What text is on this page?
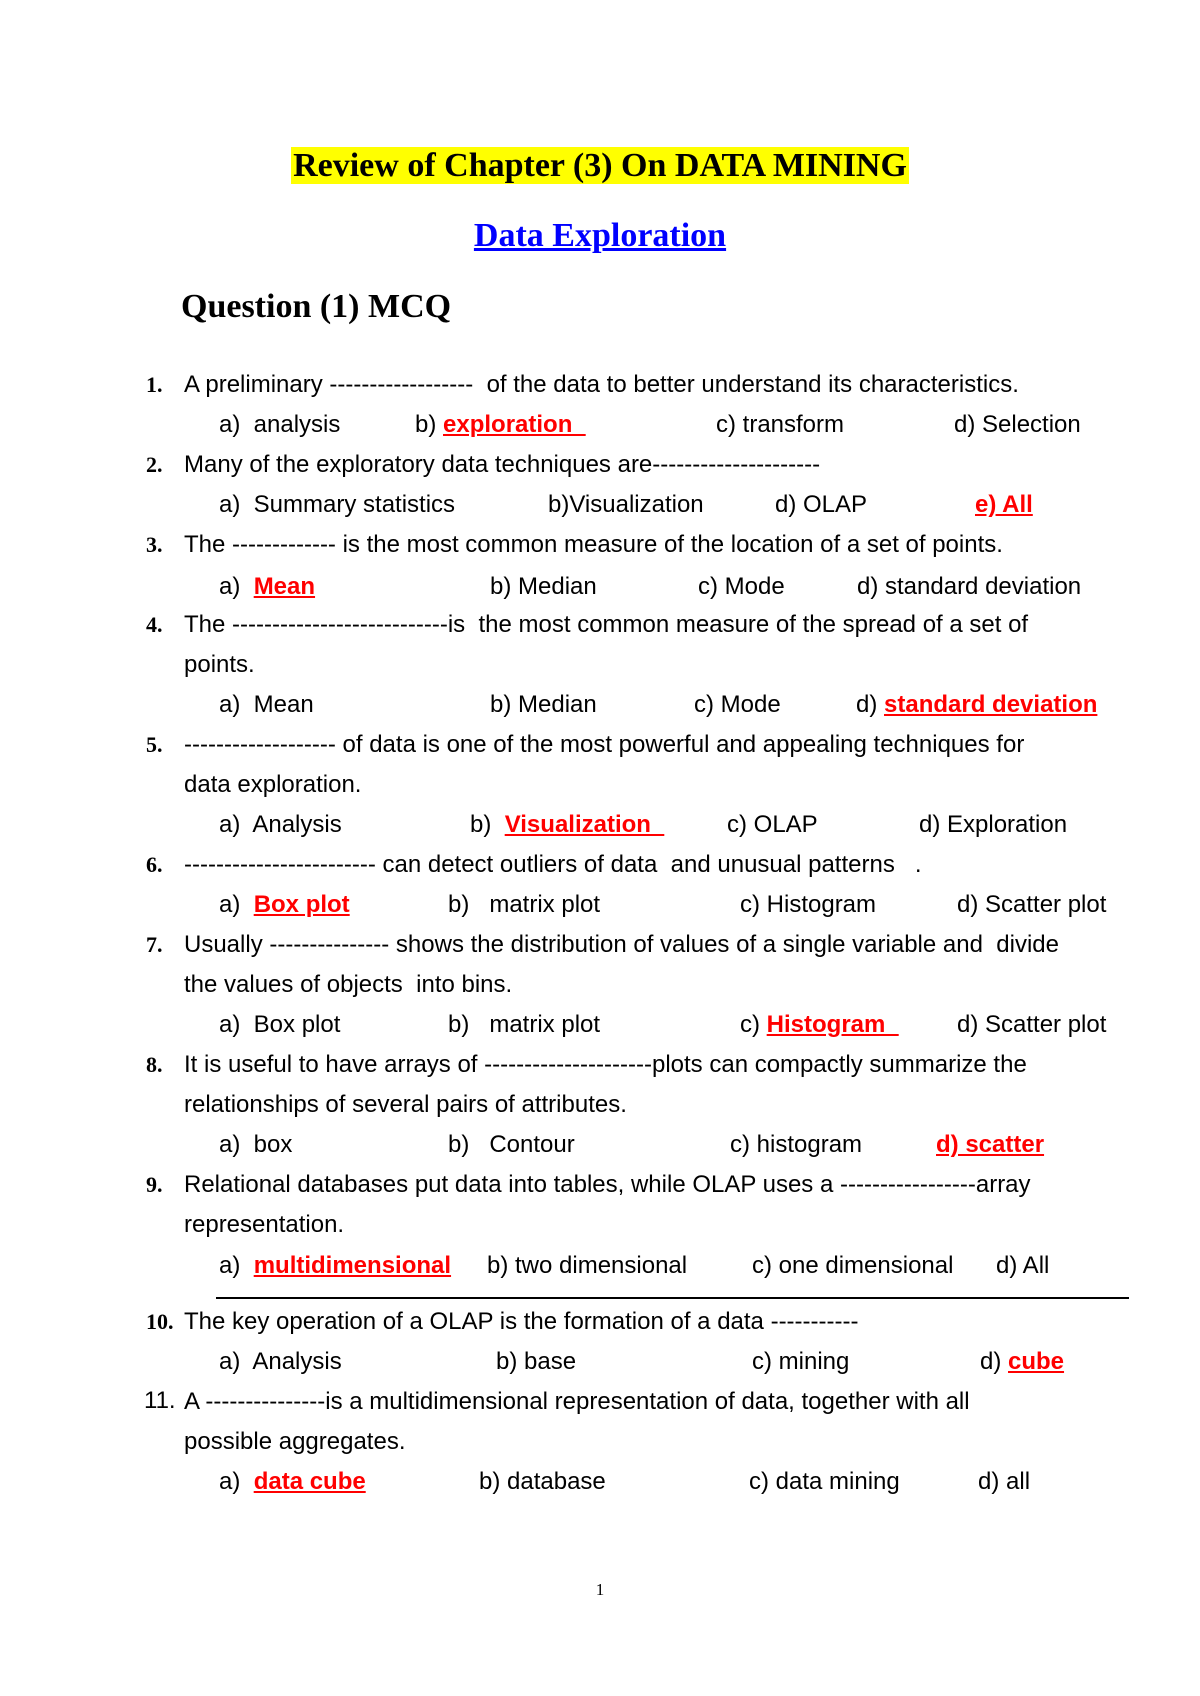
Review of Chapter (3) On DATA MINING
Data Exploration
Question (1) MCQ
1. A preliminary ------------------  of the data to better understand its characteristics.
a)  analysis	b) exploration	c) transform	d) Selection
2. Many of the exploratory data techniques are---------------------
a)  Summary statistics	b)Visualization	d) OLAP	e) All
3. The ------------- is the most common measure of the location of a set of points.
a)  Mean	b) Median	c) Mode	d) standard deviation
4. The ---------------------------is  the most common measure of the spread of a set of
points.
a)  Mean	b) Median	c) Mode	d) standard deviation
5. ------------------- of data is one of the most powerful and appealing techniques for
data exploration.
a)  Analysis	b)  Visualization	c) OLAP	d) Exploration
6. ------------------------ can detect outliers of data  and unusual patterns   .
a)  Box plot	b)   matrix plot	c) Histogram	d) Scatter plot
7. Usually --------------- shows the distribution of values of a single variable and  divide
the values of objects  into bins.
a)  Box plot	b)   matrix plot	c) Histogram d) Scatter plot
8. It is useful to have arrays of ---------------------plots can compactly summarize the
relationships of several pairs of attributes.
a)  box	b)   Contour	c) histogram	d) scatter
9. Relational databases put data into tables, while OLAP uses a -----------------array
representation.
a)  multidimensional b) two dimensional	c) one dimensional d) All
10. The key operation of a OLAP is the formation of a data -----------
a)  Analysis	b) base	c) mining	d) cube
11. A ---------------is a multidimensional representation of data, together with all
possible aggregates.
a)  data cube	b) database	c) data mining	d) all
1
